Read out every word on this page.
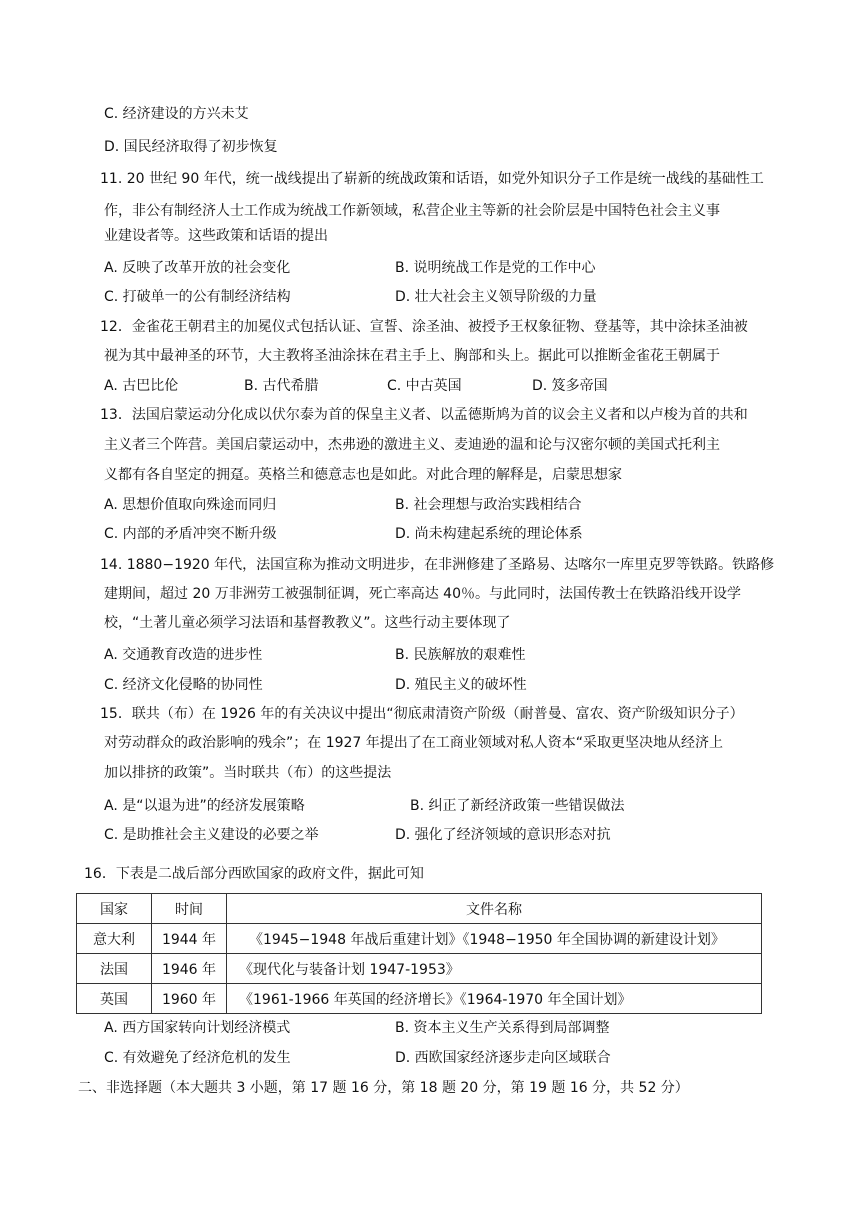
C. 经济建设的方兴未艾
D. 国民经济取得了初步恢复
11. 20 世纪 90 年代，统一战线提出了崭新的统战政策和话语，如党外知识分子工作是统一战线的基础性工
作，非公有制经济人士工作成为统战工作新领域，私营企业主等新的社会阶层是中国特色社会主义事
业建设者等。这些政策和话语的提出
A. 反映了改革开放的社会变化	B. 说明统战工作是党的工作中心
C. 打破单一的公有制经济结构	D. 壮大社会主义领导阶级的力量
12．金雀花王朝君主的加冕仪式包括认证、宣誓、涂圣油、被授予王权象征物、登基等，其中涂抹圣油被
视为其中最神圣的环节，大主教将圣油涂抹在君主手上、胸部和头上。据此可以推断金雀花王朝属于
A. 古巴比伦	B. 古代希腊	C. 中古英国	D. 笈多帝国
13．法国启蒙运动分化成以伏尔泰为首的保皇主义者、以孟德斯鸠为首的议会主义者和以卢梭为首的共和
主义者三个阵营。美国启蒙运动中，杰弗逊的激进主义、麦迪逊的温和论与汉密尔顿的美国式托利主
义都有各自坚定的拥趸。英格兰和德意志也是如此。对此合理的解释是，启蒙思想家
A. 思想价值取向殊途而同归	B. 社会理想与政治实践相结合
C. 内部的矛盾冲突不断升级	D. 尚未构建起系统的理论体系
14. 1880−1920 年代，法国宣称为推动文明进步，在非洲修建了圣路易、达喀尔一库里克罗等铁路。铁路修
建期间，超过 20 万非洲劳工被强制征调，死亡率高达 40％。与此同时，法国传教士在铁路沿线开设学
校，“土著儿童必须学习法语和基督教教义”。这些行动主要体现了
A. 交通教育改造的进步性	B. 民族解放的艰难性
C. 经济文化侵略的协同性	D. 殖民主义的破坏性
15．联共（布）在 1926 年的有关决议中提出“彻底肃清资产阶级（耐普曼、富农、资产阶级知识分子）
对劳动群众的政治影响的残余”；在 1927 年提出了在工商业领域对私人资本“采取更坚决地从经济上
加以排挤的政策”。当时联共（布）的这些提法
A. 是“以退为进”的经济发展策略	B. 纠正了新经济政策一些错误做法
C. 是助推社会主义建设的必要之举	D. 强化了经济领域的意识形态对抗
16．下表是二战后部分西欧国家的政府文件，据此可知
国家	时间	文件名称
意大利	1944 年	《1945−1948 年战后重建计划》《1948−1950 年全国协调的新建设计划》
法国	1946 年	《现代化与装备计划 1947-1953》
英国	1960 年	《1961-1966 年英国的经济增长》《1964-1970 年全国计划》
A. 西方国家转向计划经济模式	B. 资本主义生产关系得到局部调整
C. 有效避免了经济危机的发生	D. 西欧国家经济逐步走向区域联合
二、非选择题（本大题共 3 小题，第 17 题 16 分，第 18 题 20 分，第 19 题 16 分，共 52 分）
